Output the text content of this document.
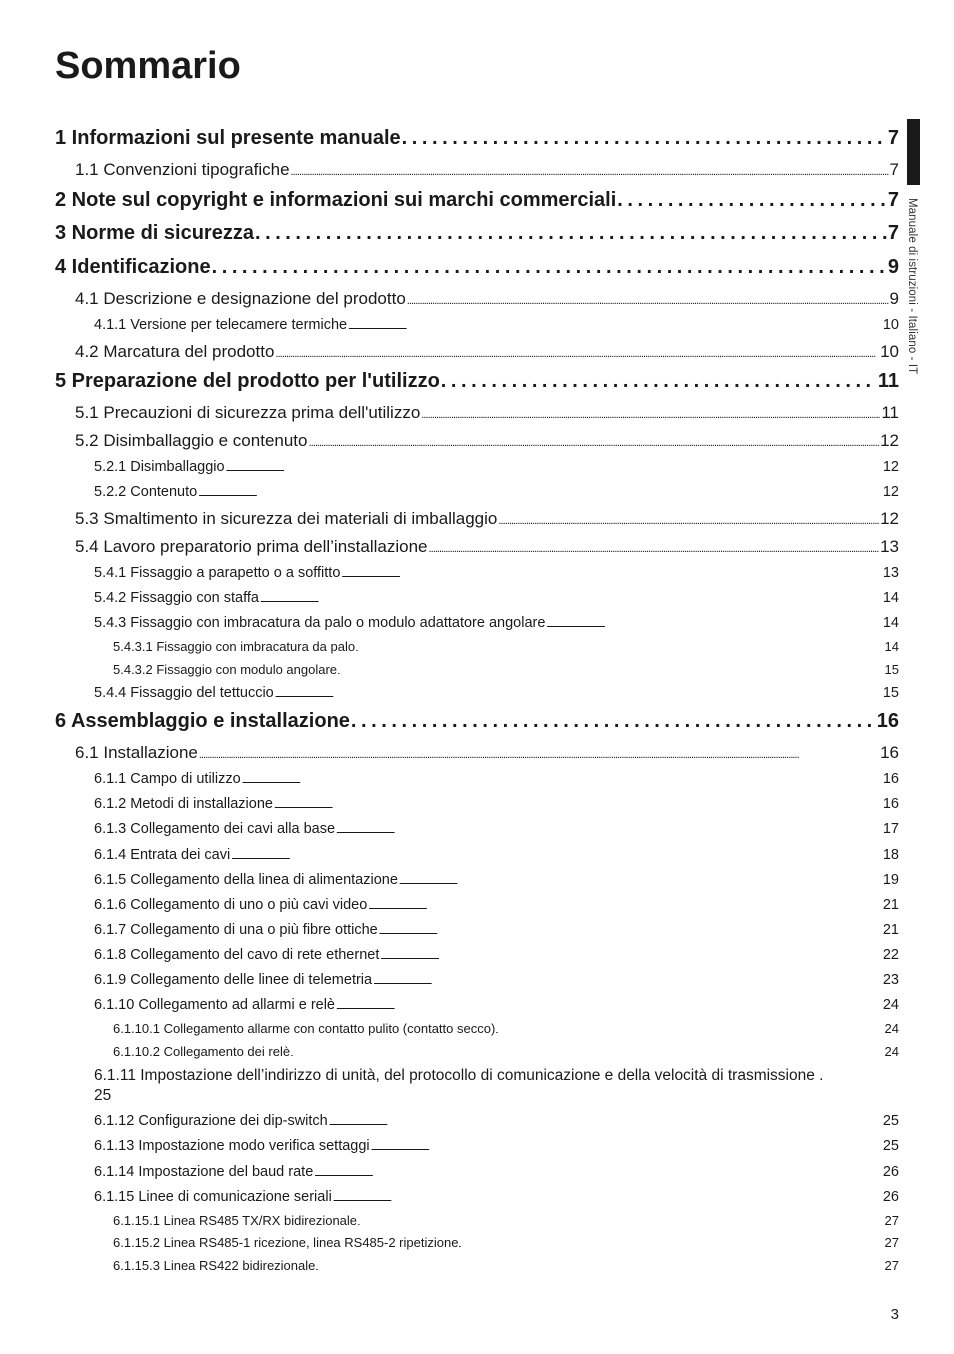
Sommario
Manuale di istruzioni - Italiano - IT
1 Informazioni sul presente manuale . . .	7
1.1 Convenzioni tipografiche . . .	7
2 Note sul copyright e informazioni sui marchi commerciali . . .	7
3 Norme di sicurezza . . .	7
4 Identificazione . . .	9
4.1 Descrizione e designazione del prodotto . . .	9
4.1.1 Versione per telecamere termiche . . .	10
4.2 Marcatura del prodotto . . .	10
5 Preparazione del prodotto per l'utilizzo . . .	11
5.1 Precauzioni di sicurezza prima dell'utilizzo . . .	11
5.2 Disimballaggio e contenuto . . .	12
5.2.1 Disimballaggio . . .	12
5.2.2 Contenuto . . .	12
5.3 Smaltimento in sicurezza dei materiali di imballaggio . . .	12
5.4 Lavoro preparatorio prima dell’installazione . . .	13
5.4.1 Fissaggio a parapetto o a soffitto . . .	13
5.4.2 Fissaggio con staffa . . .	14
5.4.3 Fissaggio con imbracatura da palo o modulo adattatore angolare . . .	14
5.4.3.1 Fissaggio con imbracatura da palo . . .	14
5.4.3.2 Fissaggio con modulo angolare . . .	15
5.4.4 Fissaggio del tettuccio . . .	15
6 Assemblaggio e installazione . . .	16
6.1 Installazione . . .	16
6.1.1 Campo di utilizzo . . .	16
6.1.2 Metodi di installazione . . .	16
6.1.3 Collegamento dei cavi alla base . . .	17
6.1.4 Entrata dei cavi . . .	18
6.1.5 Collegamento della linea di alimentazione . . .	19
6.1.6 Collegamento di uno o più cavi video . . .	21
6.1.7 Collegamento di una o più fibre ottiche . . .	21
6.1.8 Collegamento del cavo di rete ethernet . . .	22
6.1.9 Collegamento delle linee di telemetria . . .	23
6.1.10 Collegamento ad allarmi e relè . . .	24
6.1.10.1 Collegamento allarme con contatto pulito (contatto secco) . . .	24
6.1.10.2 Collegamento dei relè . . .	24
6.1.11 Impostazione dell’indirizzo di unità, del protocollo di comunicazione e della velocità di trasmissione .
25
6.1.12 Configurazione dei dip-switch . . .	25
6.1.13 Impostazione modo verifica settaggi . . .	25
6.1.14 Impostazione del baud rate . . .	26
6.1.15 Linee di comunicazione seriali . . .	26
6.1.15.1 Linea RS485 TX/RX bidirezionale . . .	27
6.1.15.2 Linea RS485-1 ricezione, linea RS485-2 ripetizione . . .	27
6.1.15.3 Linea RS422 bidirezionale . . .	27
3
